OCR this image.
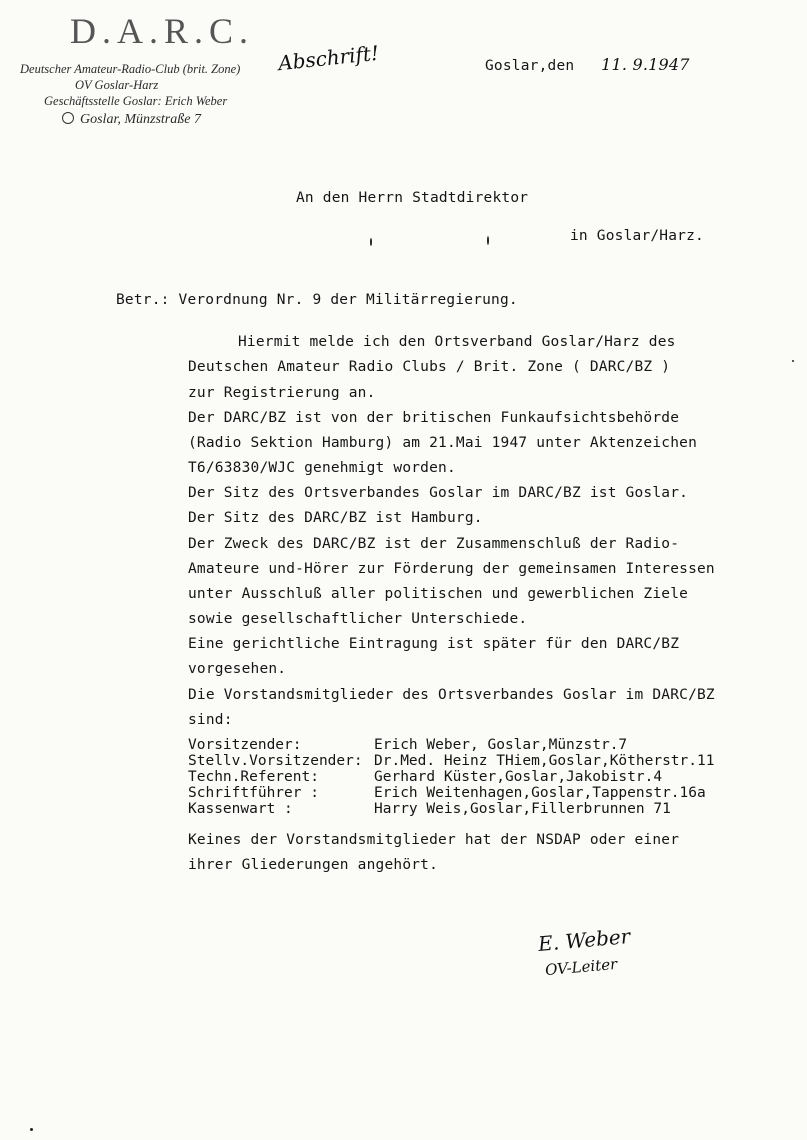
D.A.R.C.
Deutscher Amateur-Radio-Club (brit. Zone)
OV Goslar-Harz
Geschäftsstelle Goslar: Erich Weber
Goslar, Münzstraße 7
Abschrift!	Goslar,den 11. 9.1947
An den Herrn Stadtdirektor
in Goslar/Harz.
Betr.: Verordnung Nr. 9 der Militärregierung.
Hiermit melde ich den Ortsverband Goslar/Harz des
Deutschen Amateur Radio Clubs / Brit. Zone ( DARC/BZ )
zur Registrierung an.
Der DARC/BZ ist von der britischen Funkaufsichtsbehörde
(Radio Sektion Hamburg) am 21.Mai 1947 unter Aktenzeichen
T6/63830/WJC genehmigt worden.
Der Sitz des Ortsverbandes Goslar im DARC/BZ ist Goslar.
Der Sitz des DARC/BZ ist Hamburg.
Der Zweck des DARC/BZ ist der Zusammenschluß der Radio-
Amateure und-Hörer zur Förderung der gemeinsamen Interessen
unter Ausschluß aller politischen und gewerblichen Ziele
sowie gesellschaftlicher Unterschiede.
Eine gerichtliche Eintragung ist später für den DARC/BZ
vorgesehen.
Die Vorstandsmitglieder des Ortsverbandes Goslar im DARC/BZ
sind:
Vorsitzender:	Erich Weber, Goslar,Münzstr.7
Stellv.Vorsitzender: Dr.Med. Heinz THiem,Goslar,Kötherstr.11
Techn.Referent:	Gerhard Küster,Goslar,Jakobistr.4
Schriftführer :	Erich Weitenhagen,Goslar,Tappenstr.16a
Kassenwart :	Harry Weis,Goslar,Fillerbrunnen 71
Keines der Vorstandsmitglieder hat der NSDAP oder einer
ihrer Gliederungen angehört.
E. Weber
OV-Leiter
